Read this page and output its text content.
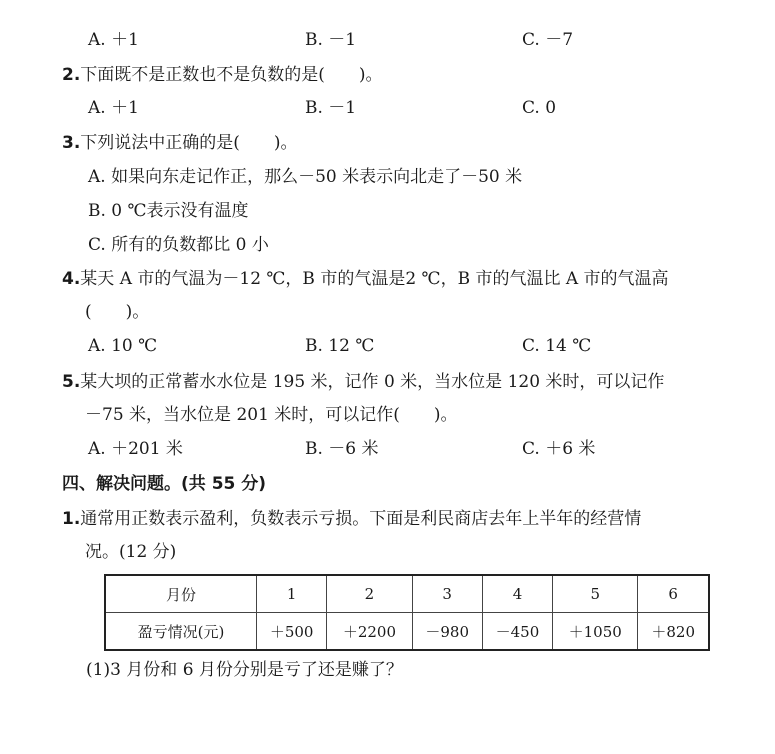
A. ＋1	B. －1	C. －7
2.下面既不是正数也不是负数的是(　　)。
A. ＋1	B. －1	C. 0
3.下列说法中正确的是(　　)。
A. 如果向东走记作正，那么－50 米表示向北走了－50 米
B. 0 ℃表示没有温度
C. 所有的负数都比 0 小
4.某天 A 市的气温为－12 ℃，B 市的气温是2 ℃，B 市的气温比 A 市的气温高
(　　)。
A. 10 ℃	B. 12 ℃	C. 14 ℃
5.某大坝的正常蓄水水位是 195 米，记作 0 米，当水位是 120 米时，可以记作
－75 米，当水位是 201 米时，可以记作(　　)。
A. ＋201 米	B. －6 米	C. ＋6 米
四、解决问题。(共 55 分)
1.通常用正数表示盈利，负数表示亏损。下面是利民商店去年上半年的经营情
况。(12 分)
月份	1	2	3	4	5	6
盈亏情况(元)	＋500	＋2200	－980	－450	＋1050	＋820
(1)3 月份和 6 月份分别是亏了还是赚了？
